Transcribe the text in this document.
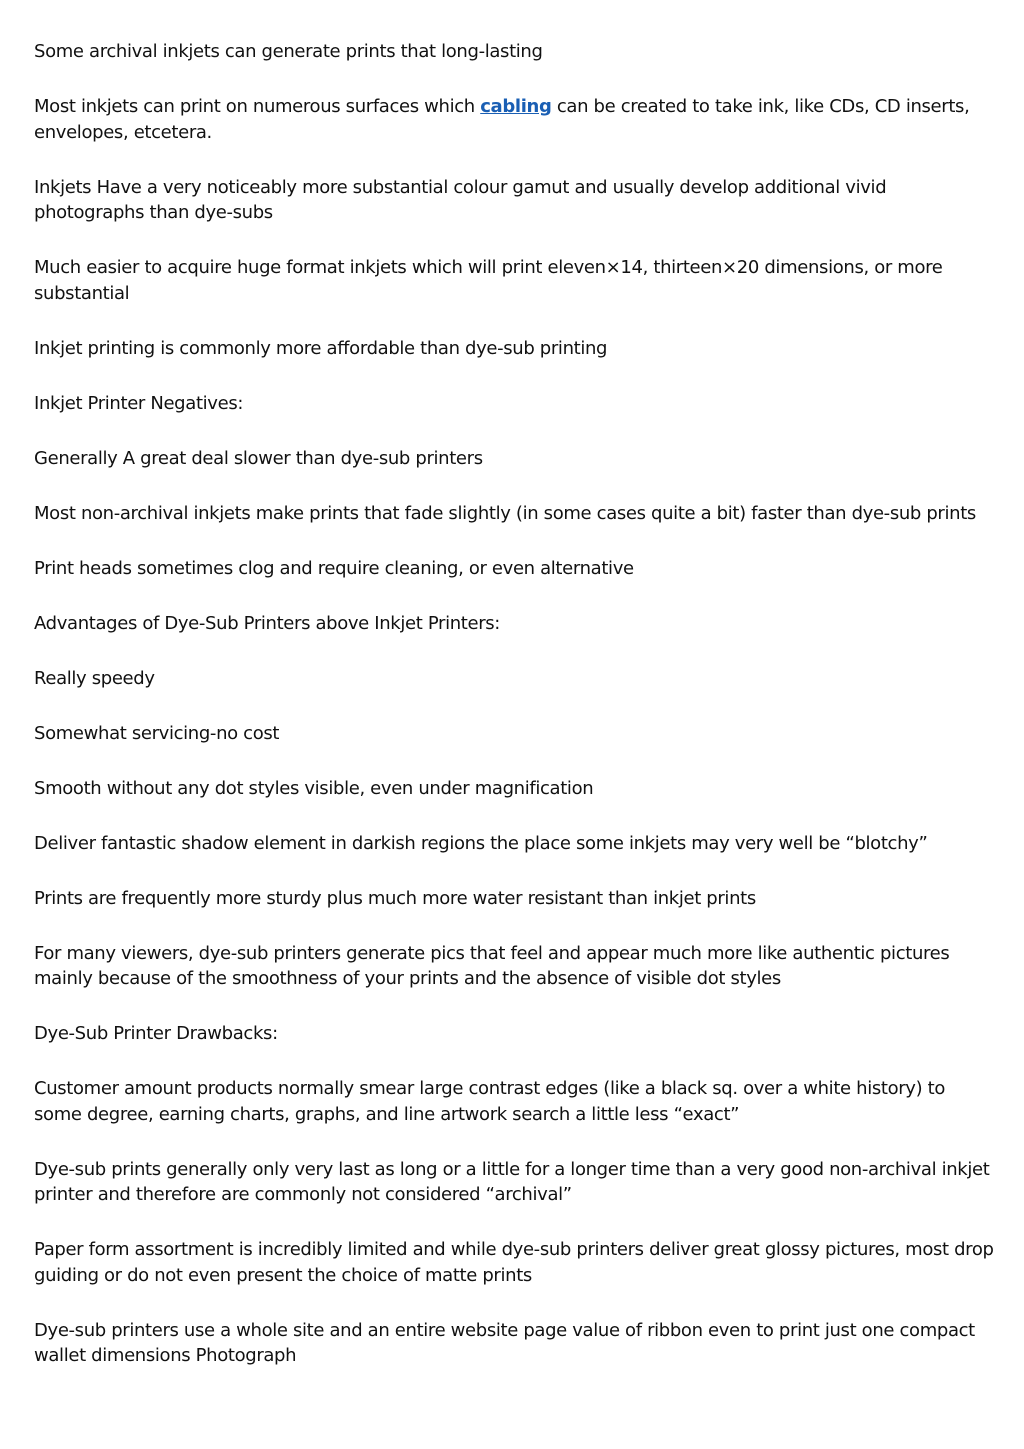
Some archival inkjets can generate prints that long-lasting

Most inkjets can print on numerous surfaces which cabling can be created to take ink, like CDs, CD inserts, envelopes, etcetera.

Inkjets Have a very noticeably more substantial colour gamut and usually develop additional vivid photographs than dye-subs

Much easier to acquire huge format inkjets which will print eleven×14, thirteen×20 dimensions, or more substantial

Inkjet printing is commonly more affordable than dye-sub printing

Inkjet Printer Negatives:

Generally A great deal slower than dye-sub printers

Most non-archival inkjets make prints that fade slightly (in some cases quite a bit) faster than dye-sub prints

Print heads sometimes clog and require cleaning, or even alternative

Advantages of Dye-Sub Printers above Inkjet Printers:

Really speedy

Somewhat servicing-no cost

Smooth without any dot styles visible, even under magnification

Deliver fantastic shadow element in darkish regions the place some inkjets may very well be “blotchy”

Prints are frequently more sturdy plus much more water resistant than inkjet prints

For many viewers, dye-sub printers generate pics that feel and appear much more like authentic pictures mainly because of the smoothness of your prints and the absence of visible dot styles

Dye-Sub Printer Drawbacks:

Customer amount products normally smear large contrast edges (like a black sq. over a white history) to some degree, earning charts, graphs, and line artwork search a little less “exact”

Dye-sub prints generally only very last as long or a little for a longer time than a very good non-archival inkjet printer and therefore are commonly not considered “archival”

Paper form assortment is incredibly limited and while dye-sub printers deliver great glossy pictures, most drop guiding or do not even present the choice of matte prints

Dye-sub printers use a whole site and an entire website page value of ribbon even to print just one compact wallet dimensions Photograph
